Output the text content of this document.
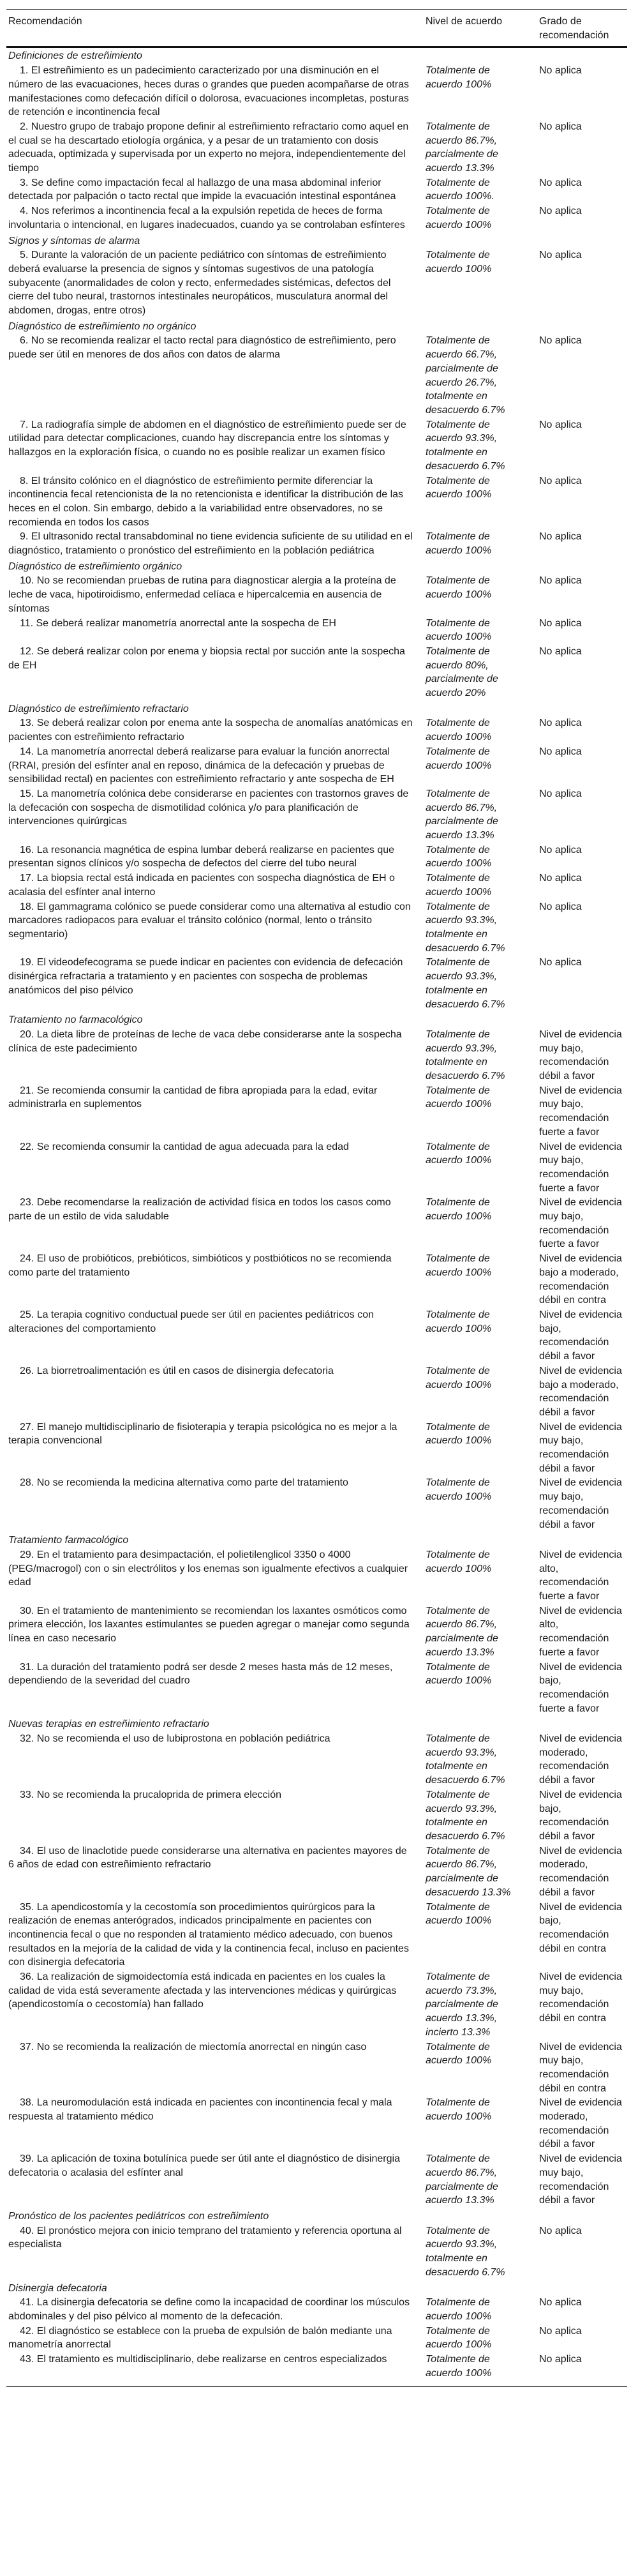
Recomendación	Nivel de acuerdo	Grado de recomendación
Definiciones de estreñimiento		
1. El estreñimiento es un padecimiento caracterizado por una disminución en el número de las evacuaciones, heces duras o grandes que pueden acompañarse de otras manifestaciones como defecación difícil o dolorosa, evacuaciones incompletas, posturas de retención e incontinencia fecal	Totalmente de acuerdo 100%	No aplica
2. Nuestro grupo de trabajo propone definir al estreñimiento refractario como aquel en el cual se ha descartado etiología orgánica, y a pesar de un tratamiento con dosis adecuada, optimizada y supervisada por un experto no mejora, independientemente del tiempo	Totalmente de acuerdo 86.7%, parcialmente de acuerdo 13.3%	No aplica
3. Se define como impactación fecal al hallazgo de una masa abdominal inferior detectada por palpación o tacto rectal que impide la evacuación intestinal espontánea	Totalmente de acuerdo 100%.	No aplica
4. Nos referimos a incontinencia fecal a la expulsión repetida de heces de forma involuntaria o intencional, en lugares inadecuados, cuando ya se controlaban esfínteres	Totalmente de acuerdo 100%	No aplica
Signos y síntomas de alarma		
5. Durante la valoración de un paciente pediátrico con síntomas de estreñimiento deberá evaluarse la presencia de signos y síntomas sugestivos de una patología subyacente (anormalidades de colon y recto, enfermedades sistémicas, defectos del cierre del tubo neural, trastornos intestinales neuropáticos, musculatura anormal del abdomen, drogas, entre otros)	Totalmente de acuerdo 100%	No aplica
Diagnóstico de estreñimiento no orgánico		
6. No se recomienda realizar el tacto rectal para diagnóstico de estreñimiento, pero puede ser útil en menores de dos años con datos de alarma	Totalmente de acuerdo 66.7%, parcialmente de acuerdo 26.7%, totalmente en desacuerdo 6.7%	No aplica
7. La radiografía simple de abdomen en el diagnóstico de estreñimiento puede ser de utilidad para detectar complicaciones, cuando hay discrepancia entre los síntomas y hallazgos en la exploración física, o cuando no es posible realizar un examen físico	Totalmente de acuerdo 93.3%, totalmente en desacuerdo 6.7%	No aplica
8. El tránsito colónico en el diagnóstico de estreñimiento permite diferenciar la incontinencia fecal retencionista de la no retencionista e identificar la distribución de las heces en el colon. Sin embargo, debido a la variabilidad entre observadores, no se recomienda en todos los casos	Totalmente de acuerdo 100%	No aplica
9. El ultrasonido rectal transabdominal no tiene evidencia suficiente de su utilidad en el diagnóstico, tratamiento o pronóstico del estreñimiento en la población pediátrica	Totalmente de acuerdo 100%	No aplica
Diagnóstico de estreñimiento orgánico		
10. No se recomiendan pruebas de rutina para diagnosticar alergia a la proteína de leche de vaca, hipotiroidismo, enfermedad celíaca e hipercalcemia en ausencia de síntomas	Totalmente de acuerdo 100%	No aplica
11. Se deberá realizar manometría anorrectal ante la sospecha de EH	Totalmente de acuerdo 100%	No aplica
12. Se deberá realizar colon por enema y biopsia rectal por succión ante la sospecha de EH	Totalmente de acuerdo 80%, parcialmente de acuerdo 20%	No aplica
Diagnóstico de estreñimiento refractario		
13. Se deberá realizar colon por enema ante la sospecha de anomalías anatómicas en pacientes con estreñimiento refractario	Totalmente de acuerdo 100%	No aplica
14. La manometría anorrectal deberá realizarse para evaluar la función anorrectal (RRAI, presión del esfínter anal en reposo, dinámica de la defecación y pruebas de sensibilidad rectal) en pacientes con estreñimiento refractario y ante sospecha de EH	Totalmente de acuerdo 100%	No aplica
15. La manometría colónica debe considerarse en pacientes con trastornos graves de la defecación con sospecha de dismotilidad colónica y/o para planificación de intervenciones quirúrgicas	Totalmente de acuerdo 86.7%, parcialmente de acuerdo 13.3%	No aplica
16. La resonancia magnética de espina lumbar deberá realizarse en pacientes que presentan signos clínicos y/o sospecha de defectos del cierre del tubo neural	Totalmente de acuerdo 100%	No aplica
17. La biopsia rectal está indicada en pacientes con sospecha diagnóstica de EH o acalasia del esfínter anal interno	Totalmente de acuerdo 100%	No aplica
18. El gammagrama colónico se puede considerar como una alternativa al estudio con marcadores radiopacos para evaluar el tránsito colónico (normal, lento o tránsito segmentario)	Totalmente de acuerdo 93.3%, totalmente en desacuerdo 6.7%	No aplica
19. El videodefecograma se puede indicar en pacientes con evidencia de defecación disinérgica refractaria a tratamiento y en pacientes con sospecha de problemas anatómicos del piso pélvico	Totalmente de acuerdo 93.3%, totalmente en desacuerdo 6.7%	No aplica
Tratamiento no farmacológico		
20. La dieta libre de proteínas de leche de vaca debe considerarse ante la sospecha clínica de este padecimiento	Totalmente de acuerdo 93.3%, totalmente en desacuerdo 6.7%	Nivel de evidencia muy bajo, recomendación débil a favor
21. Se recomienda consumir la cantidad de fibra apropiada para la edad, evitar administrarla en suplementos	Totalmente de acuerdo 100%	Nivel de evidencia muy bajo, recomendación fuerte a favor
22. Se recomienda consumir la cantidad de agua adecuada para la edad	Totalmente de acuerdo 100%	Nivel de evidencia muy bajo, recomendación fuerte a favor
23. Debe recomendarse la realización de actividad física en todos los casos como parte de un estilo de vida saludable	Totalmente de acuerdo 100%	Nivel de evidencia muy bajo, recomendación fuerte a favor
24. El uso de probióticos, prebióticos, simbióticos y postbióticos no se recomienda como parte del tratamiento	Totalmente de acuerdo 100%	Nivel de evidencia bajo a moderado, recomendación débil en contra
25. La terapia cognitivo conductual puede ser útil en pacientes pediátricos con alteraciones del comportamiento	Totalmente de acuerdo 100%	Nivel de evidencia bajo, recomendación débil a favor
26. La biorretroalimentación es útil en casos de disinergia defecatoria	Totalmente de acuerdo 100%	Nivel de evidencia bajo a moderado, recomendación débil a favor
27. El manejo multidisciplinario de fisioterapia y terapia psicológica no es mejor a la terapia convencional	Totalmente de acuerdo 100%	Nivel de evidencia muy bajo, recomendación débil a favor
28. No se recomienda la medicina alternativa como parte del tratamiento	Totalmente de acuerdo 100%	Nivel de evidencia muy bajo, recomendación débil a favor
Tratamiento farmacológico		
29. En el tratamiento para desimpactación, el polietilenglicol 3350 o 4000 (PEG/macrogol) con o sin electrólitos y los enemas son igualmente efectivos a cualquier edad	Totalmente de acuerdo 100%	Nivel de evidencia alto, recomendación fuerte a favor
30. En el tratamiento de mantenimiento se recomiendan los laxantes osmóticos como primera elección, los laxantes estimulantes se pueden agregar o manejar como segunda línea en caso necesario	Totalmente de acuerdo 86.7%, parcialmente de acuerdo 13.3%	Nivel de evidencia alto, recomendación fuerte a favor
31. La duración del tratamiento podrá ser desde 2 meses hasta más de 12 meses, dependiendo de la severidad del cuadro	Totalmente de acuerdo 100%	Nivel de evidencia bajo, recomendación fuerte a favor
Nuevas terapias en estreñimiento refractario		
32. No se recomienda el uso de lubiprostona en población pediátrica	Totalmente de acuerdo 93.3%, totalmente en desacuerdo 6.7%	Nivel de evidencia moderado, recomendación débil a favor
33. No se recomienda la prucaloprida de primera elección	Totalmente de acuerdo 93.3%, totalmente en desacuerdo 6.7%	Nivel de evidencia bajo, recomendación débil a favor
34. El uso de linaclotide puede considerarse una alternativa en pacientes mayores de 6 años de edad con estreñimiento refractario	Totalmente de acuerdo 86.7%, parcialmente de desacuerdo 13.3%	Nivel de evidencia moderado, recomendación débil a favor
35. La apendicostomía y la cecostomía son procedimientos quirúrgicos para la realización de enemas anterógrados, indicados principalmente en pacientes con incontinencia fecal o que no responden al tratamiento médico adecuado, con buenos resultados en la mejoría de la calidad de vida y la continencia fecal, incluso en pacientes con disinergia defecatoria	Totalmente de acuerdo 100%	Nivel de evidencia bajo, recomendación débil en contra
36. La realización de sigmoidectomía está indicada en pacientes en los cuales la calidad de vida está severamente afectada y las intervenciones médicas y quirúrgicas (apendicostomía o cecostomía) han fallado	Totalmente de acuerdo 73.3%, parcialmente de acuerdo 13.3%, incierto 13.3%	Nivel de evidencia muy bajo, recomendación débil en contra
37. No se recomienda la realización de miectomía anorrectal en ningún caso	Totalmente de acuerdo 100%	Nivel de evidencia muy bajo, recomendación débil en contra
38. La neuromodulación está indicada en pacientes con incontinencia fecal y mala respuesta al tratamiento médico	Totalmente de acuerdo 100%	Nivel de evidencia moderado, recomendación débil a favor
39. La aplicación de toxina botulínica puede ser útil ante el diagnóstico de disinergia defecatoria o acalasia del esfínter anal	Totalmente de acuerdo 86.7%, parcialmente de acuerdo 13.3%	Nivel de evidencia muy bajo, recomendación débil a favor
Pronóstico de los pacientes pediátricos con estreñimiento		
40. El pronóstico mejora con inicio temprano del tratamiento y referencia oportuna al especialista	Totalmente de acuerdo 93.3%, totalmente en desacuerdo 6.7%	No aplica
Disinergia defecatoria		
41. La disinergia defecatoria se define como la incapacidad de coordinar los músculos abdominales y del piso pélvico al momento de la defecación.	Totalmente de acuerdo 100%	No aplica
42. El diagnóstico se establece con la prueba de expulsión de balón mediante una manometría anorrectal	Totalmente de acuerdo 100%	No aplica
43. El tratamiento es multidisciplinario, debe realizarse en centros especializados	Totalmente de acuerdo 100%	No aplica
